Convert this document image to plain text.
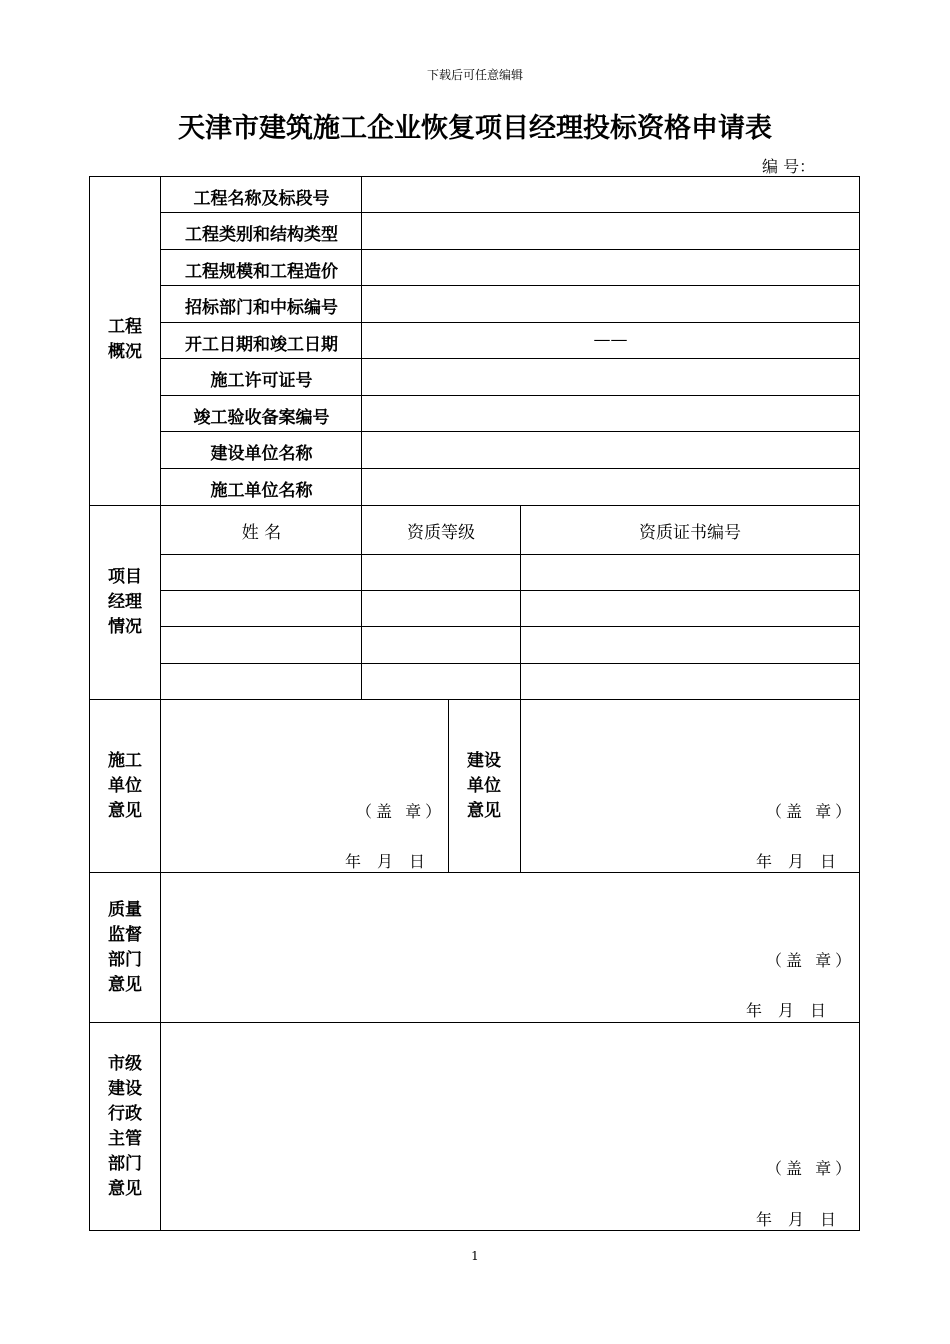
下载后可任意编辑
天津市建筑施工企业恢复项目经理投标资格申请表
编 号：
工程
概况
工程名称及标段号
工程类别和结构类型
工程规模和工程造价
招标部门和中标编号
开工日期和竣工日期
施工许可证号
竣工验收备案编号
建设单位名称
施工单位名称
——
项目
经理
情况
姓 名	资质等级	资质证书编号
施工
单位
意见
建设
单位
意见
（盖 章）
年　月　日
（盖 章）
年　月　日
质量
监督
部门
意见
（盖 章）
年　月　日
市级
建设
行政
主管
部门
意见
（盖 章）
年　月　日
1
